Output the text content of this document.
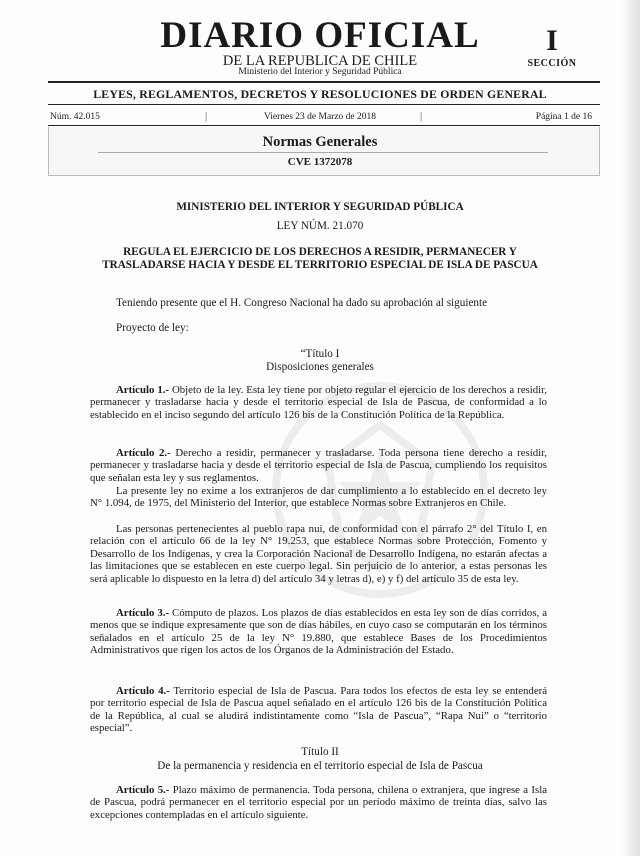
DIARIO OFICIAL
DE LA REPUBLICA DE CHILE
Ministerio del Interior y Seguridad Pública
I
SECCIÓN
LEYES, REGLAMENTOS, DECRETOS Y RESOLUCIONES DE ORDEN GENERAL
Núm. 42.015	|	Viernes 23 de Marzo de 2018	|	Página 1 de 16
Normas Generales
CVE 1372078
MINISTERIO DEL INTERIOR Y SEGURIDAD PÚBLICA
LEY NÚM. 21.070
REGULA EL EJERCICIO DE LOS DERECHOS A RESIDIR, PERMANECER Y TRASLADARSE HACIA Y DESDE EL TERRITORIO ESPECIAL DE ISLA DE PASCUA
Teniendo presente que el H. Congreso Nacional ha dado su aprobación al siguiente
Proyecto de ley:
“Título I
Disposiciones generales
Artículo 1.- Objeto de la ley. Esta ley tiene por objeto regular el ejercicio de los derechos a residir, permanecer y trasladarse hacia y desde el territorio especial de Isla de Pascua, de conformidad a lo establecido en el inciso segundo del artículo 126 bis de la Constitución Política de la República.
Artículo 2.- Derecho a residir, permanecer y trasladarse. Toda persona tiene derecho a residir, permanecer y trasladarse hacia y desde el territorio especial de Isla de Pascua, cumpliendo los requisitos que señalan esta ley y sus reglamentos.
La presente ley no exime a los extranjeros de dar cumplimiento a lo establecido en el decreto ley N° 1.094, de 1975, del Ministerio del Interior, que establece Normas sobre Extranjeros en Chile.
Las personas pertenecientes al pueblo rapa nui, de conformidad con el párrafo 2° del Título I, en relación con el artículo 66 de la ley N° 19.253, que establece Normas sobre Protección, Fomento y Desarrollo de los Indígenas, y crea la Corporación Nacional de Desarrollo Indígena, no estarán afectas a las limitaciones que se establecen en este cuerpo legal. Sin perjuicio de lo anterior, a estas personas les será aplicable lo dispuesto en la letra d) del artículo 34 y letras d), e) y f) del artículo 35 de esta ley.
Artículo 3.- Cómputo de plazos. Los plazos de días establecidos en esta ley son de días corridos, a menos que se indique expresamente que son de días hábiles, en cuyo caso se computarán en los términos señalados en el artículo 25 de la ley N° 19.880, que establece Bases de los Procedimientos Administrativos que rigen los actos de los Órganos de la Administración del Estado.
Artículo 4.- Territorio especial de Isla de Pascua. Para todos los efectos de esta ley se entenderá por territorio especial de Isla de Pascua aquel señalado en el artículo 126 bis de la Constitución Política de la República, al cual se aludirá indistintamente como “Isla de Pascua”, “Rapa Nui” o “territorio especial”.
Título II
De la permanencia y residencia en el territorio especial de Isla de Pascua
Artículo 5.- Plazo máximo de permanencia. Toda persona, chilena o extranjera, que ingrese a Isla de Pascua, podrá permanecer en el territorio especial por un período máximo de treinta días, salvo las excepciones contempladas en el artículo siguiente.
